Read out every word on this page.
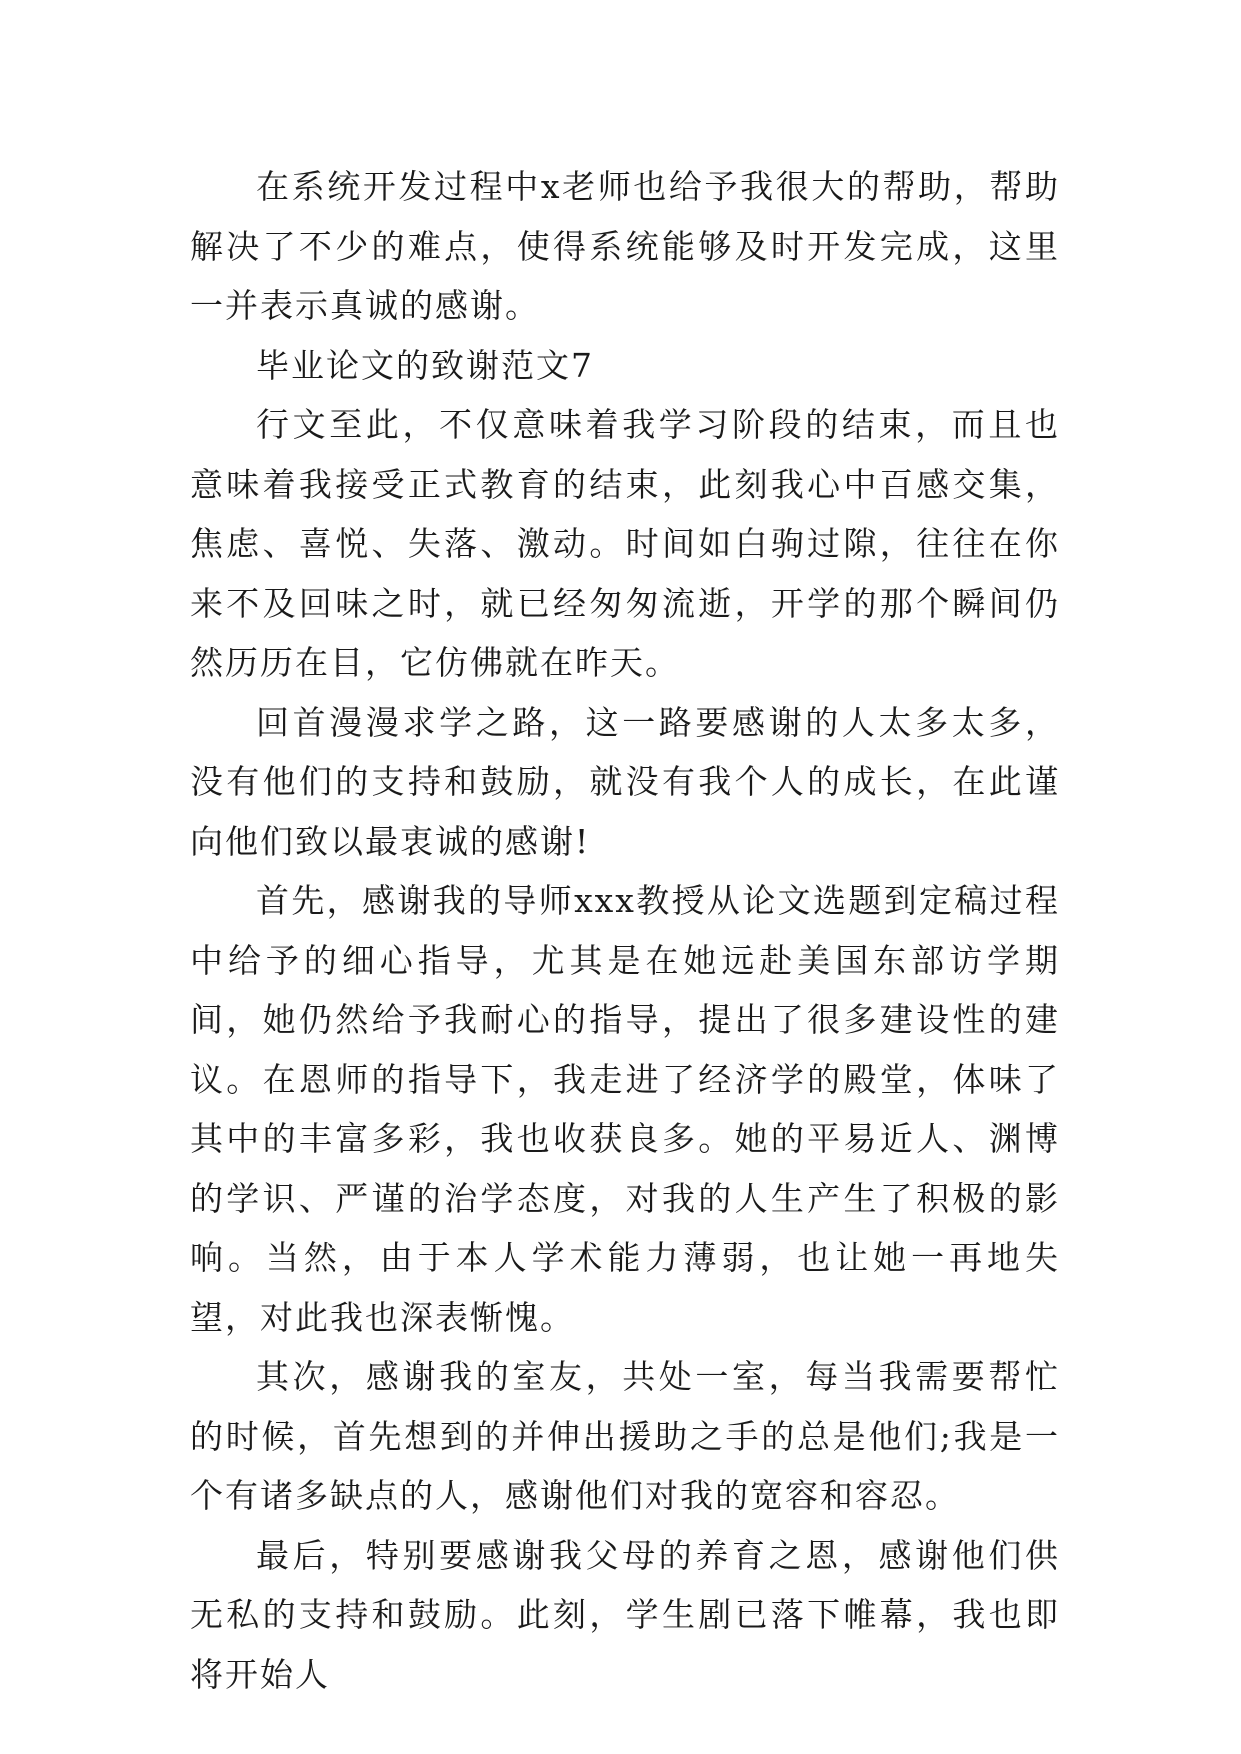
在系统开发过程中x老师也给予我很大的帮助，帮助解决了不少的难点，使得系统能够及时开发完成，这里一并表示真诚的感谢。

毕业论文的致谢范文7

行文至此，不仅意味着我学习阶段的结束，而且也意味着我接受正式教育的结束，此刻我心中百感交集，焦虑、喜悦、失落、激动。时间如白驹过隙，往往在你来不及回味之时，就已经匆匆流逝，开学的那个瞬间仍然历历在目，它仿佛就在昨天。

回首漫漫求学之路，这一路要感谢的人太多太多，没有他们的支持和鼓励，就没有我个人的成长，在此谨向他们致以最衷诚的感谢!

首先，感谢我的导师xxx教授从论文选题到定稿过程中给予的细心指导，尤其是在她远赴美国东部访学期间，她仍然给予我耐心的指导，提出了很多建设性的建议。在恩师的指导下，我走进了经济学的殿堂，体味了其中的丰富多彩，我也收获良多。她的平易近人、渊博的学识、严谨的治学态度，对我的人生产生了积极的影响。当然，由于本人学术能力薄弱，也让她一再地失望，对此我也深表惭愧。

其次，感谢我的室友，共处一室，每当我需要帮忙的时候，首先想到的并伸出援助之手的总是他们;我是一个有诸多缺点的人，感谢他们对我的宽容和容忍。

最后，特别要感谢我父母的养育之恩，感谢他们供无私的支持和鼓励。此刻，学生剧已落下帷幕，我也即将开始人
